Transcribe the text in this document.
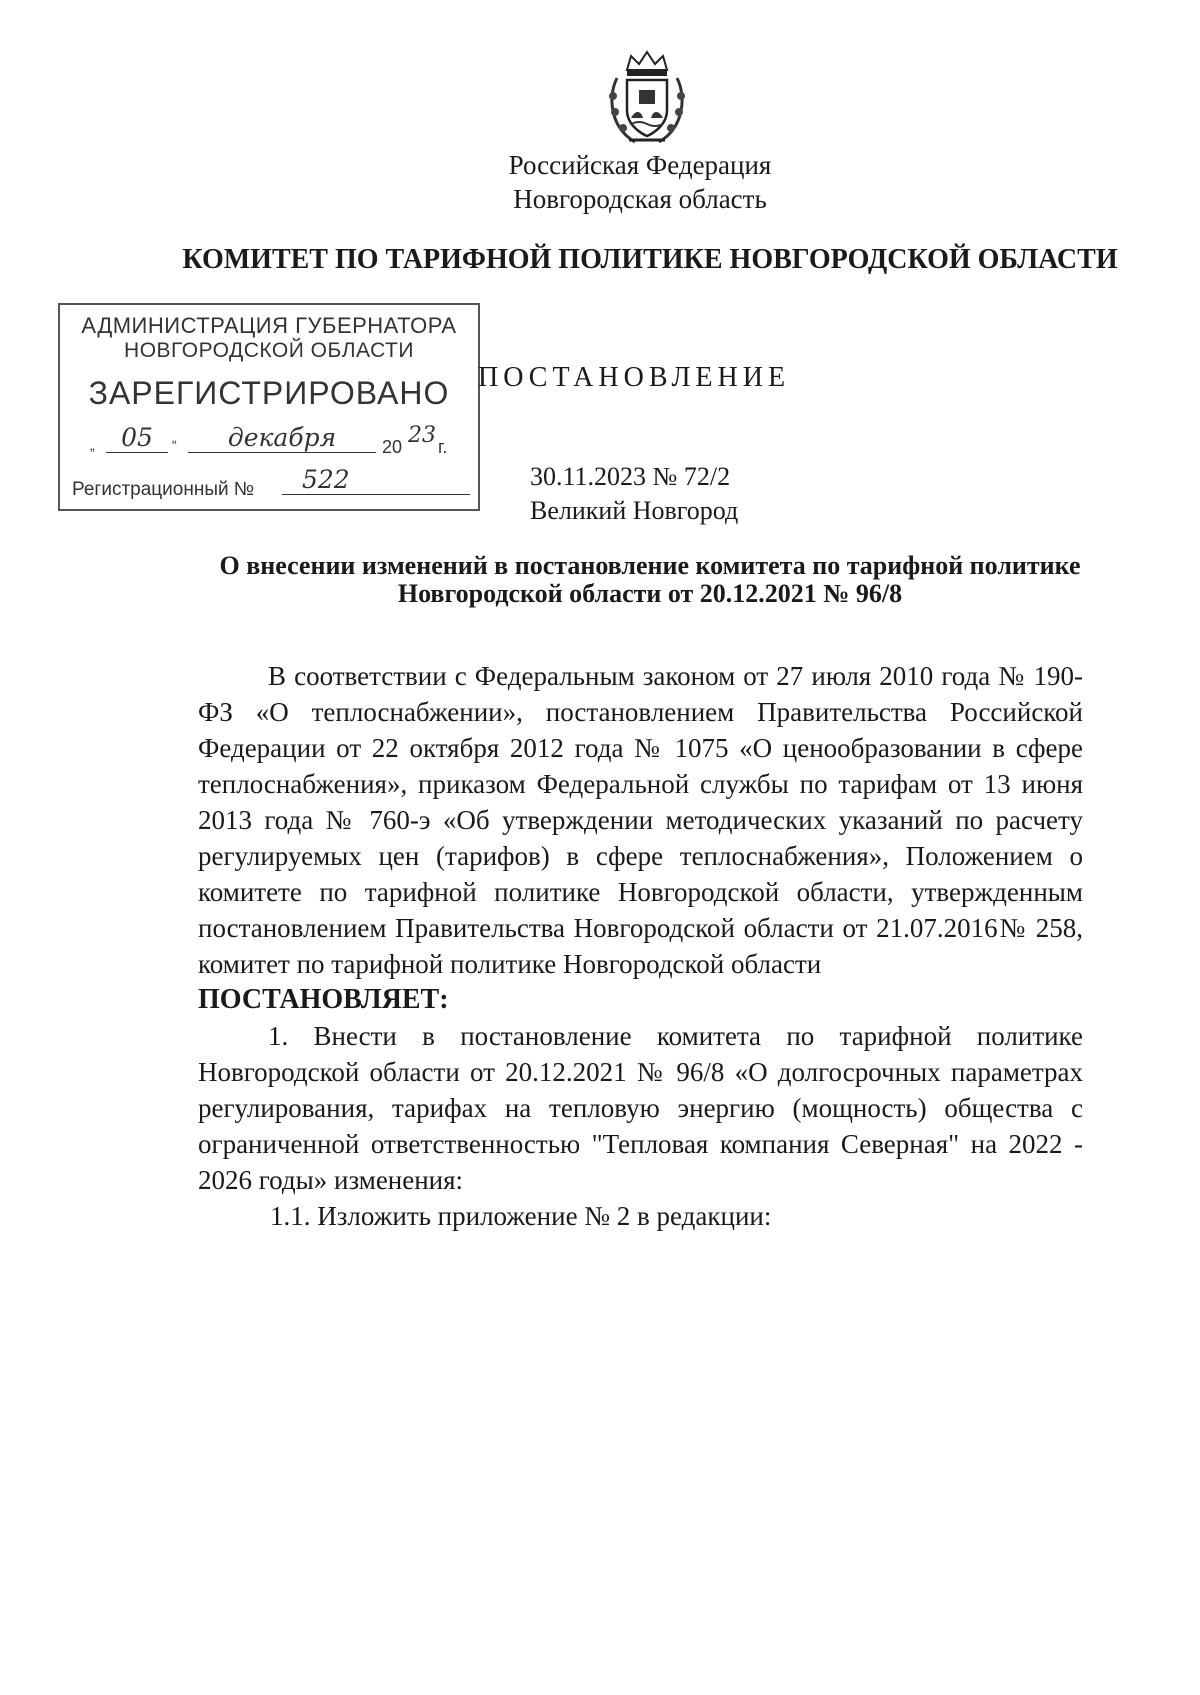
Российская Федерация
Новгородская область
КОМИТЕТ ПО ТАРИФНОЙ ПОЛИТИКЕ НОВГОРОДСКОЙ ОБЛАСТИ
АДМИНИСТРАЦИЯ ГУБЕРНАТОРА
НОВГОРОДСКОЙ ОБЛАСТИ
ЗАРЕГИСТРИРОВАНО
„	05	“	декабря	20 23 г.
Регистрационный №	522
ПОСТАНОВЛЕНИЕ
30.11.2023 № 72/2
Великий Новгород
О внесении изменений в постановление комитета по тарифной политике Новгородской области от 20.12.2021 № 96/8

В соответствии с Федеральным законом от 27 июля 2010 года № 190-ФЗ «О теплоснабжении», постановлением Правительства Российской Федерации от 22 октября 2012 года № 1075 «О ценообразовании в сфере теплоснабжения», приказом Федеральной службы по тарифам от 13 июня 2013 года № 760-э «Об утверждении методических указаний по расчету регулируемых цен (тарифов) в сфере теплоснабжения», Положением о комитете по тарифной политике Новгородской области, утвержденным постановлением Правительства Новгородской области от 21.07.2016№ 258, комитет по тарифной политике Новгородской области

ПОСТАНОВЛЯЕТ:

1. Внести в постановление комитета по тарифной политике Новгородской области от 20.12.2021 № 96/8 «О долгосрочных параметрах регулирования, тарифах на тепловую энергию (мощность) общества с ограниченной ответственностью "Тепловая компания Северная" на 2022 - 2026 годы» изменения:

1.1. Изложить приложение № 2 в редакции:
